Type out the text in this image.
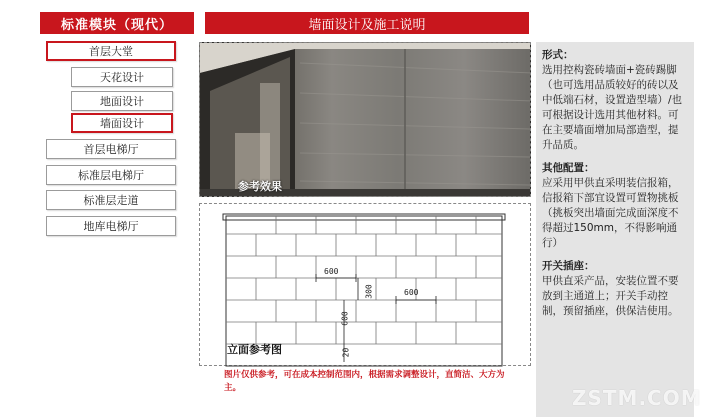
标准模块（现代）	墙面设计及施工说明
首层大堂
天花设计
地面设计
墙面设计
首层电梯厅
标准层电梯厅
标准层走道
地库电梯厅
参考效果
600
600
300
600
20
立面参考图
图片仅供参考，可在成本控制范围内，根据需求调整设计，直简洁、大方为主。
形式：
选用控构瓷砖墙面+瓷砖踢脚（也可选用品质较好的砖以及中低端石材，设置造型墙）/也可根据设计选用其他材料。可在主要墙面增加局部造型，提升品质。
其他配置：
应采用甲供直采明装信报箱，信报箱下部宜设置可置物挑板（挑板突出墙面完成面深度不得超过150mm，不得影响通行）
开关插座：
甲供直采产品，安装位置不要放到主通道上；开关手动控制，预留插座，供保洁使用。
ZSTM.COM
